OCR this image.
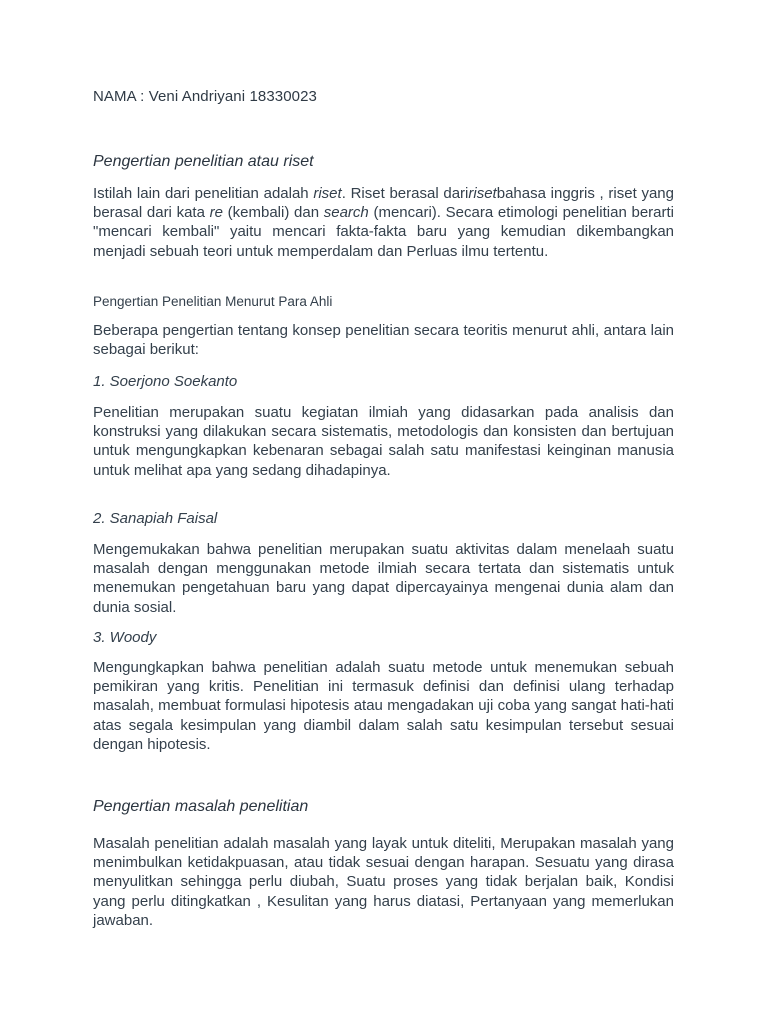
NAMA : Veni Andriyani 18330023
Pengertian penelitian atau riset
Istilah lain dari penelitian adalah riset. Riset berasal daririsetbahasa inggris , riset yang berasal dari kata re (kembali) dan search (mencari). Secara etimologi penelitian berarti "mencari kembali" yaitu mencari fakta-fakta baru yang kemudian dikembangkan menjadi sebuah teori untuk memperdalam dan Perluas ilmu tertentu.
Pengertian Penelitian Menurut Para Ahli
Beberapa pengertian tentang konsep penelitian secara teoritis menurut ahli, antara lain sebagai berikut:
1. Soerjono Soekanto
Penelitian merupakan suatu kegiatan ilmiah yang didasarkan pada analisis dan konstruksi yang dilakukan secara sistematis, metodologis dan konsisten dan bertujuan untuk mengungkapkan kebenaran sebagai salah satu manifestasi keinginan manusia untuk melihat apa yang sedang dihadapinya.
2. Sanapiah Faisal
Mengemukakan bahwa penelitian merupakan suatu aktivitas dalam menelaah suatu masalah dengan menggunakan metode ilmiah secara tertata dan sistematis untuk menemukan pengetahuan baru yang dapat dipercayainya mengenai dunia alam dan dunia sosial.
3. Woody
Mengungkapkan bahwa penelitian adalah suatu metode untuk menemukan sebuah pemikiran yang kritis. Penelitian ini termasuk definisi dan definisi ulang terhadap masalah, membuat formulasi hipotesis atau mengadakan uji coba yang sangat hati-hati atas segala kesimpulan yang diambil dalam salah satu kesimpulan tersebut sesuai dengan hipotesis.
Pengertian masalah penelitian
Masalah penelitian adalah masalah yang layak untuk diteliti, Merupakan masalah yang menimbulkan ketidakpuasan, atau tidak sesuai dengan harapan. Sesuatu yang dirasa menyulitkan sehingga perlu diubah, Suatu proses yang tidak berjalan baik, Kondisi yang perlu ditingkatkan , Kesulitan yang harus diatasi, Pertanyaan yang memerlukan jawaban.
